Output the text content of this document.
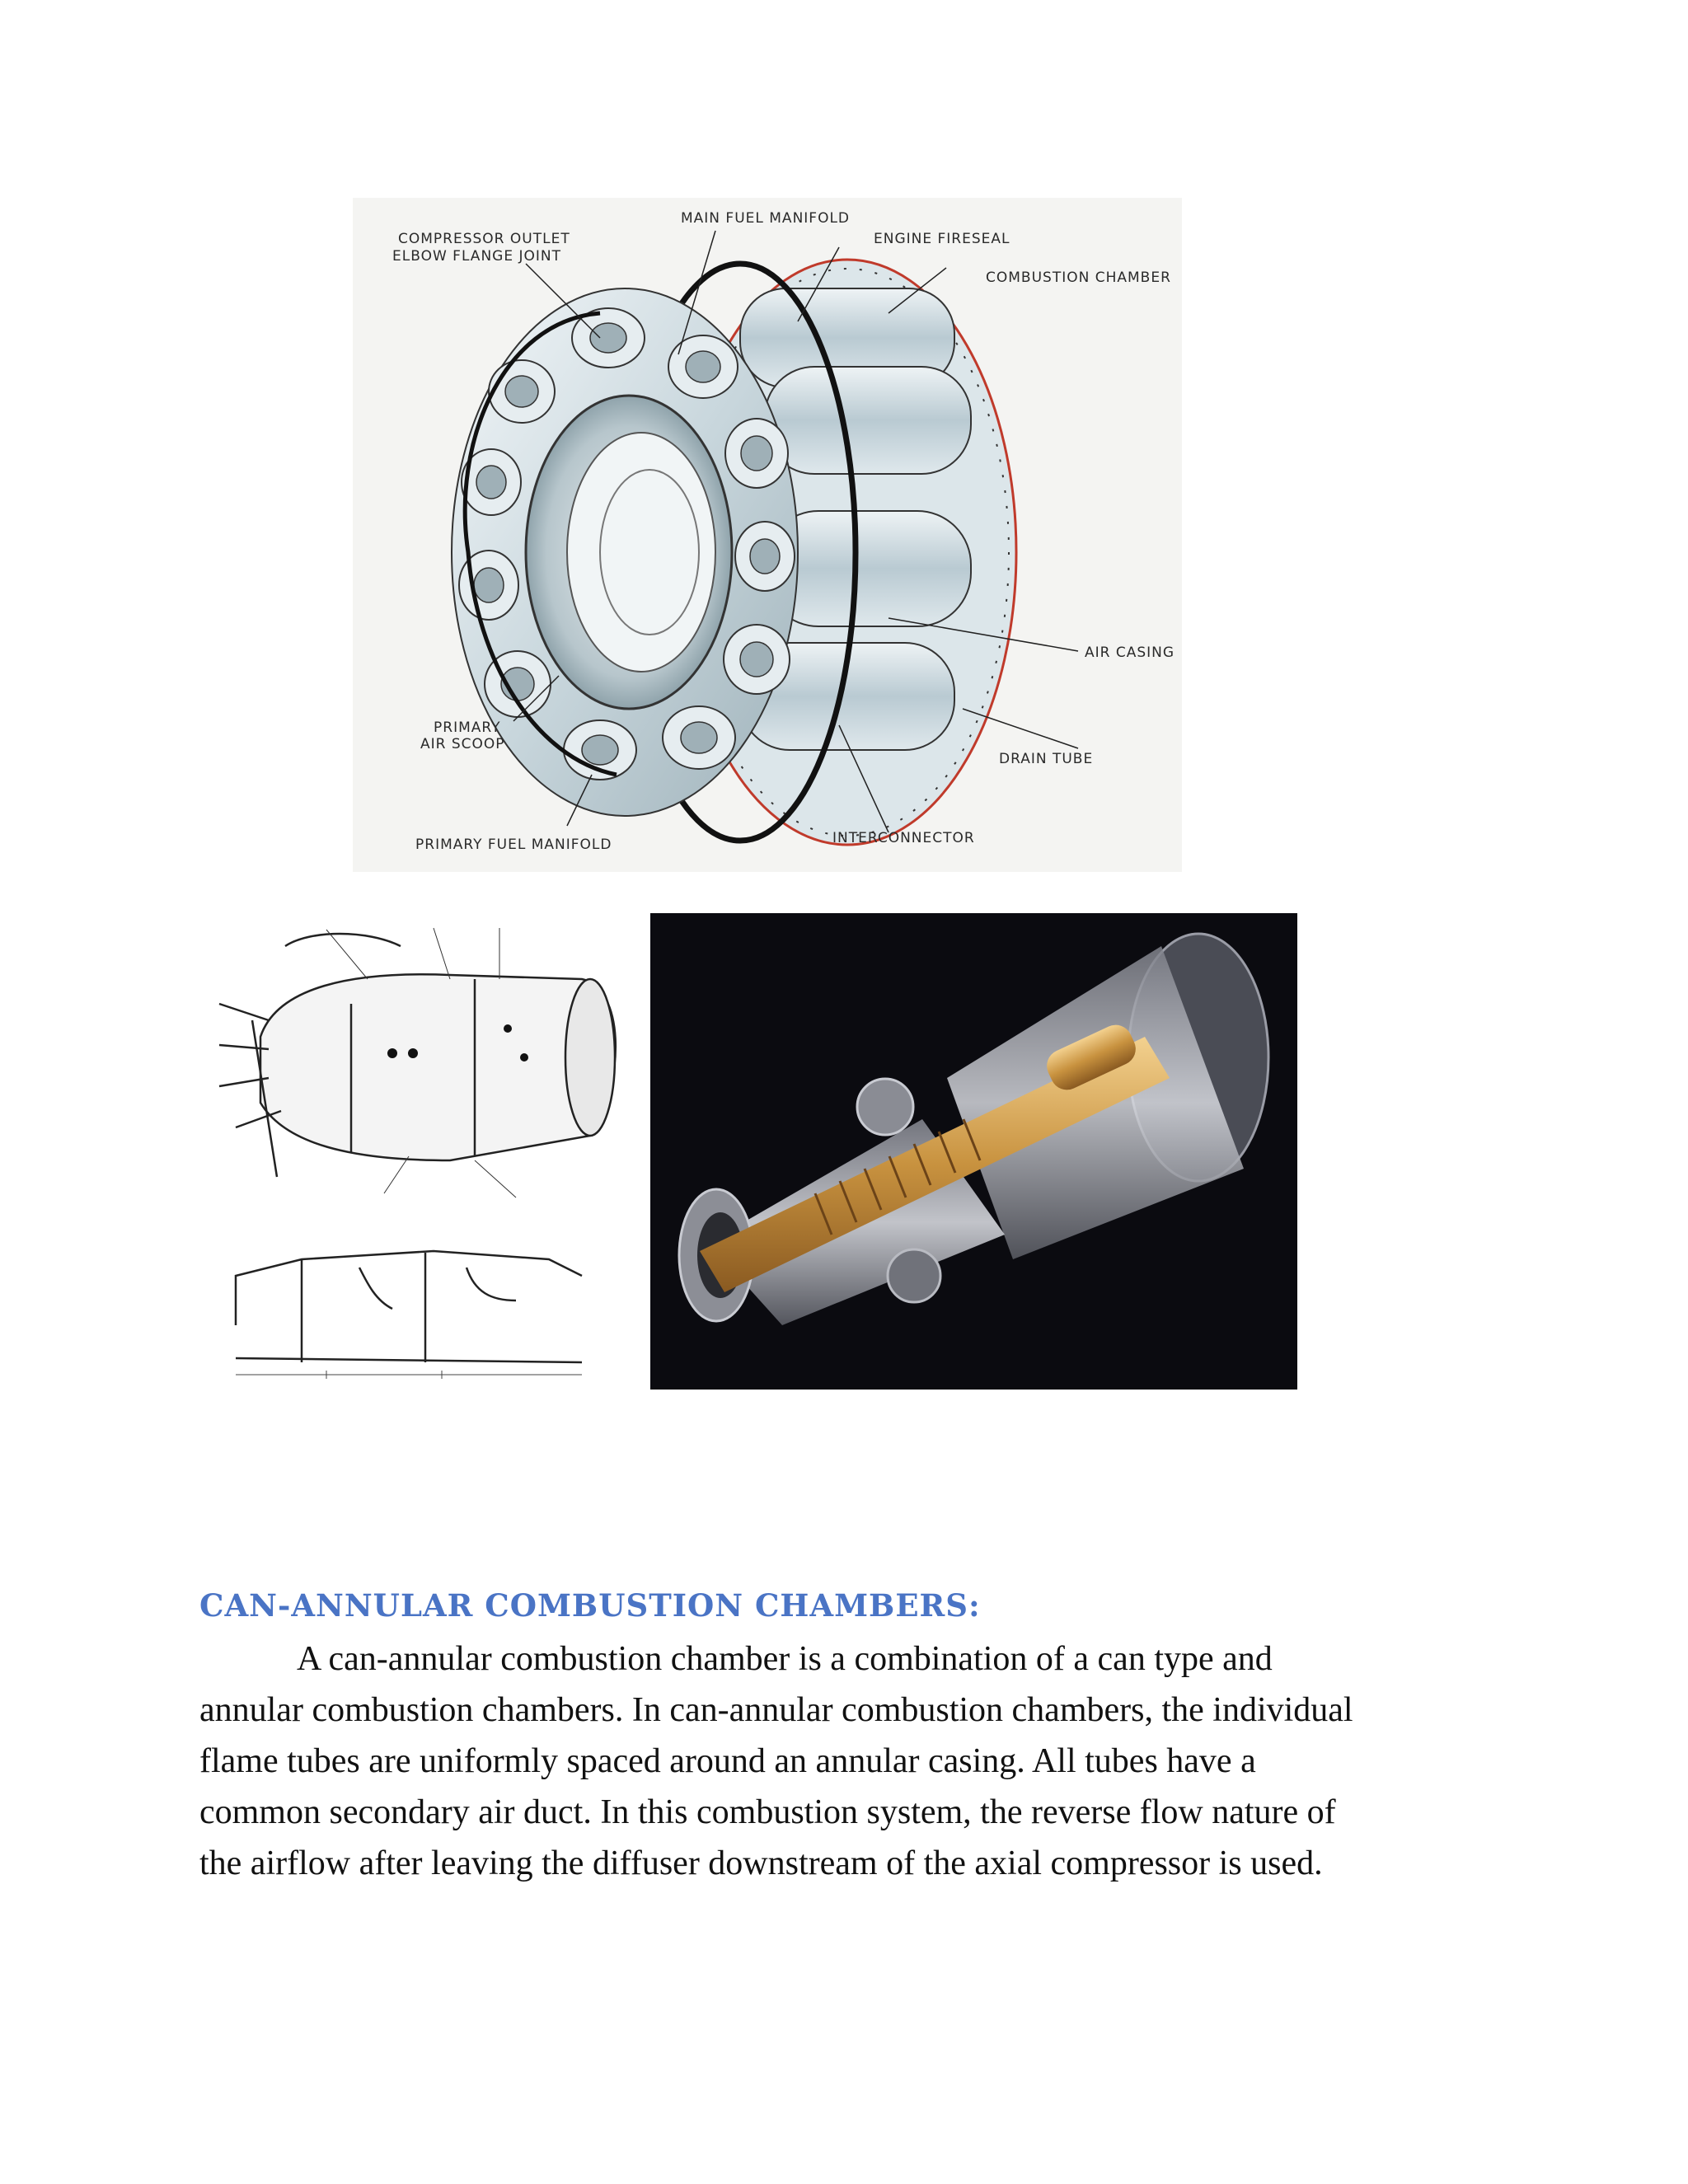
COMPRESSOR OUTLET
ELBOW FLANGE JOINT
MAIN FUEL MANIFOLD
ENGINE FIRESEAL
COMBUSTION CHAMBER
AIR CASING
PRIMARY
AIR SCOOP
DRAIN TUBE
PRIMARY FUEL MANIFOLD	INTERCONNECTOR
CAN-ANNULAR COMBUSTION CHAMBERS:
A can-annular combustion chamber is a combination of a can type and
annular combustion chambers. In can-annular combustion chambers, the individual
flame tubes are uniformly spaced around an annular casing. All tubes have a
common secondary air duct. In this combustion system, the reverse flow nature of
the airflow after leaving the diffuser downstream of the axial compressor is used.
